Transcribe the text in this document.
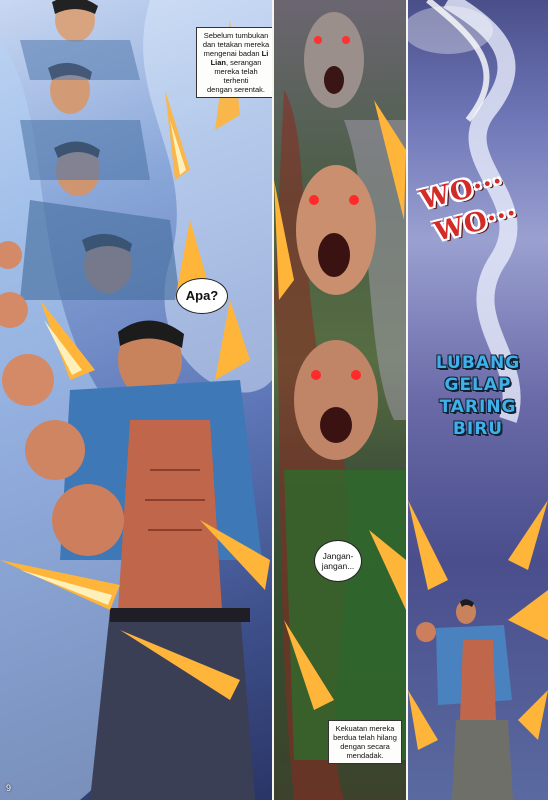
Sebelum tumbukan
dan tetakan mereka
mengenai badan Li
Lian, serangan
mereka telah terhenti
dengan serentak.
Apa?
9
Jangan-
jangan...
Kekuatan mereka
berdua telah hilang
dengan secara
mendadak.
WO···
WO···
LUBANG
GELAP
TARING
BIRU
